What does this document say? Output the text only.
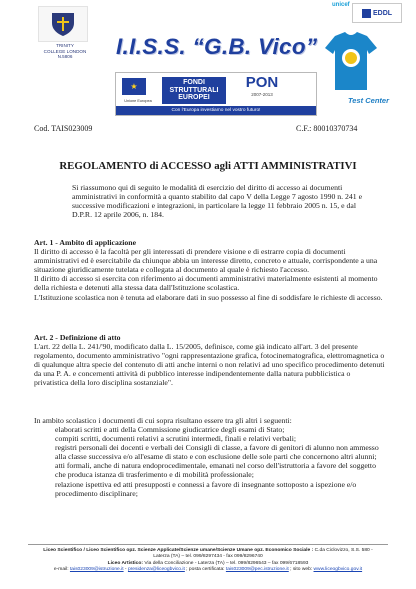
TRINITY
COLLEGE LONDON
N.5806	I.I.S.S. “G.B. Vico”
unicef
EDDL
Test Center
★
Unione Europea
FONDI
STRUTTURALI
EUROPEI
PON
2007-2013
Con l'Europa investiamo nel vostro futuro!
Cod. TAIS023009	C.F.: 80010370734
REGOLAMENTO di ACCESSO agli ATTI AMMINISTRATIVI
Si riassumono qui di seguito le modalità di esercizio del diritto di accesso ai documenti amministrativi in conformità a quanto stabilito dal capo V della Legge 7 agosto 1990 n. 241 e successive modificazioni e integrazioni, in particolare la legge 11 febbraio 2005 n. 15, e dal D.P.R. 12 aprile 2006, n. 184.

Art. 1 - Ambito di applicazione

Il diritto di accesso è la facoltà per gli interessati di prendere visione e di estrarre copia di documenti amministrativi ed è esercitabile da chiunque abbia un interesse diretto, concreto e attuale, corrispondente a una situazione giuridicamente tutelata e collegata al documento al quale è richiesto l'accesso.

Il diritto di accesso si esercita con riferimento ai documenti amministrativi materialmente esistenti al momento della richiesta e detenuti alla stessa data dall'Istituzione scolastica.

L'Istituzione scolastica non è tenuta ad elaborare dati in suo possesso al fine di soddisfare le richieste di accesso.

Art. 2 - Definizione di atto

L'art. 22 della L. 241/'90, modificato dalla L. 15/2005, definisce, come già indicato all'art. 3 del presente regolamento, documento amministrativo "ogni rappresentazione grafica, fotocinematografica, elettromagnetica o di qualunque altra specie del contenuto di atti anche interni o non relativi ad uno specifico procedimento detenuti da una P. A. e concernenti attività di pubblico interesse indipendentemente dalla natura pubblicistica o privatistica della loro disciplina sostanziale".

In ambito scolastico i documenti di cui sopra risultano essere tra gli altri i seguenti:

elaborati scritti e atti della Commissione giudicatrice degli esami di Stato;

compiti scritti, documenti relativi a scrutini intermedi, finali e relativi verbali;

registri personali dei docenti e verbali dei Consigli di classe, a favore di genitori di alunno non ammesso alla classe successiva e/o all'esame di stato e con esclusione delle sole parti che concernono altri alunni;

atti formali, anche di natura endoprocedimentale, emanati nel corso dell'istruttoria a favore del soggetto che produca istanza di trasferimento e di mobilità professionale;

relazione ispettiva ed atti presupposti e connessi a favore di insegnante sottoposto a ispezione e/o procedimento disciplinare;

Liceo Scientifico / Liceo Scientifico opz. Scienze Applicate/Scienze umane/Scienze Umane opz. Economico Sociale : C.da Ciclovizzo, S.S. 580 -
Laterza (TA) – tel. 099/8297434 - fax 099/8296740
Liceo Artistico: Via della Conciliazione - Laterza (TA) – tel. 099/8296543 – fax 099/6718593
e-mail: tais023009@istruzione.it - presidenza@liceogbvico.it ; posta certificata: tais023009@pec.istruzione.it ; sito web: www.liceogbvico.gov.it
